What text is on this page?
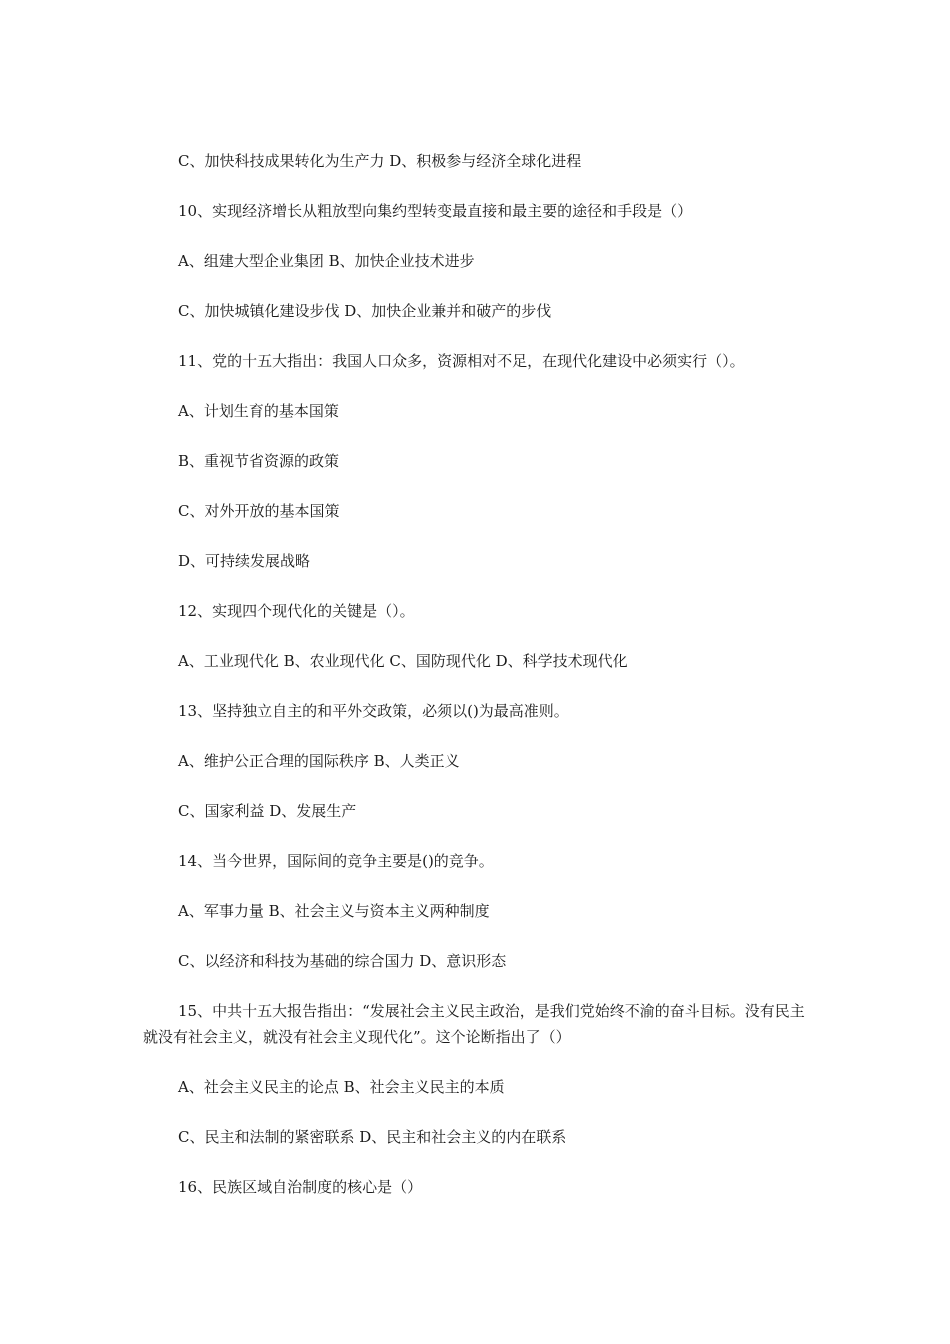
C、加快科技成果转化为生产力 D、积极参与经济全球化进程

10、实现经济增长从粗放型向集约型转变最直接和最主要的途径和手段是（）

A、组建大型企业集团 B、加快企业技术进步

C、加快城镇化建设步伐 D、加快企业兼并和破产的步伐

11、党的十五大指出：我国人口众多，资源相对不足，在现代化建设中必须实行（）。

A、计划生育的基本国策

B、重视节省资源的政策

C、对外开放的基本国策

D、可持续发展战略

12、实现四个现代化的关键是（）。

A、工业现代化 B、农业现代化 C、国防现代化 D、科学技术现代化

13、坚持独立自主的和平外交政策，必须以()为最高准则。

A、维护公正合理的国际秩序 B、人类正义

C、国家利益 D、发展生产

14、当今世界，国际间的竞争主要是()的竞争。

A、军事力量 B、社会主义与资本主义两种制度

C、以经济和科技为基础的综合国力 D、意识形态

15、中共十五大报告指出：“发展社会主义民主政治，是我们党始终不渝的奋斗目标。没有民主就没有社会主义，就没有社会主义现代化”。这个论断指出了（）

A、社会主义民主的论点 B、社会主义民主的本质

C、民主和法制的紧密联系 D、民主和社会主义的内在联系

16、民族区域自治制度的核心是（）
